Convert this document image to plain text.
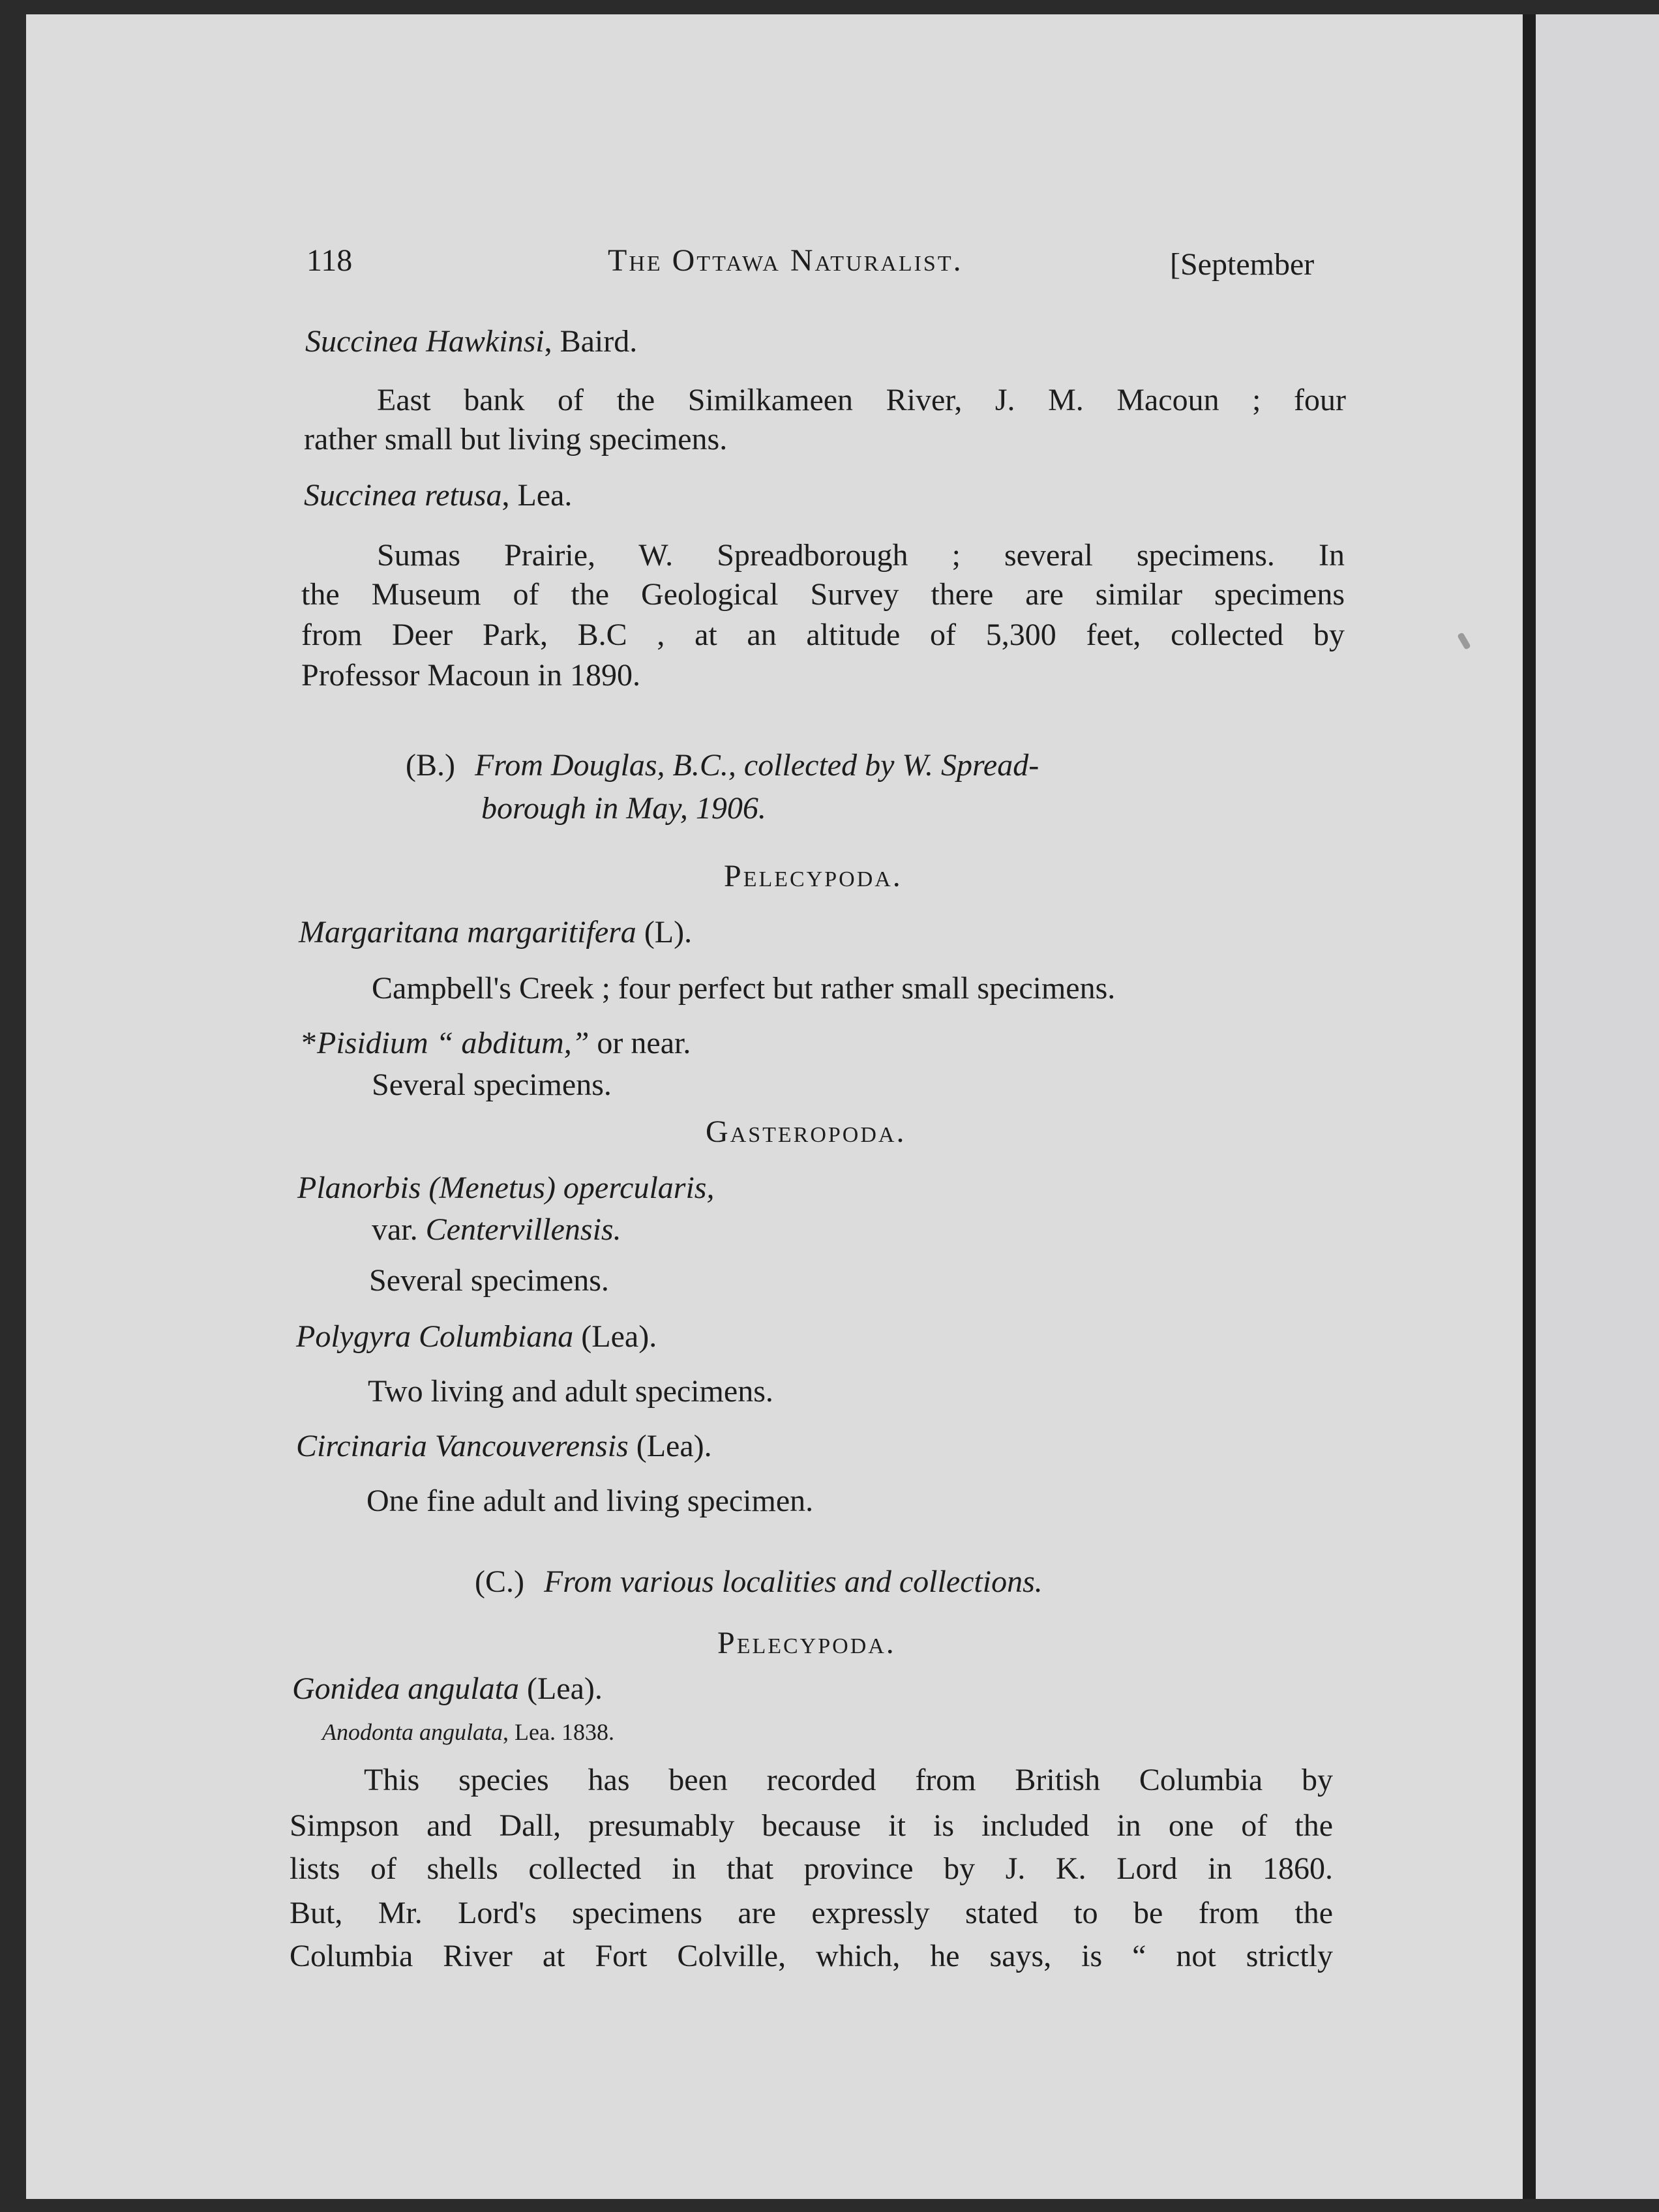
118	The Ottawa Naturalist.	[September
Succinea Hawkinsi, Baird.
East bank of the Similkameen River, J. M. Macoun ; four
rather small but living specimens.
Succinea retusa, Lea.
Sumas Prairie, W. Spreadborough ; several specimens. In
the Museum of the Geological Survey there are similar specimens
from Deer Park, B.C , at an altitude of 5,300 feet, collected by
Professor Macoun in 1890.
(B.) From Douglas, B.C., collected by W. Spread-
borough in May, 1906.
Pelecypoda.
Margaritana margaritifera (L).
Campbell's Creek ; four perfect but rather small specimens.
*Pisidium “ abditum,” or near.
Several specimens.
Gasteropoda.
Planorbis (Menetus) opercularis,
var. Centervillensis.
Several specimens.
Polygyra Columbiana (Lea).
Two living and adult specimens.
Circinaria Vancouverensis (Lea).
One fine adult and living specimen.
(C.) From various localities and collections.
Pelecypoda.
Gonidea angulata (Lea).
Anodonta angulata, Lea. 1838.
This species has been recorded from British Columbia by
Simpson and Dall, presumably because it is included in one of the
lists of shells collected in that province by J. K. Lord in 1860.
But, Mr. Lord's specimens are expressly stated to be from the
Columbia River at Fort Colville, which, he says, is “ not strictly
